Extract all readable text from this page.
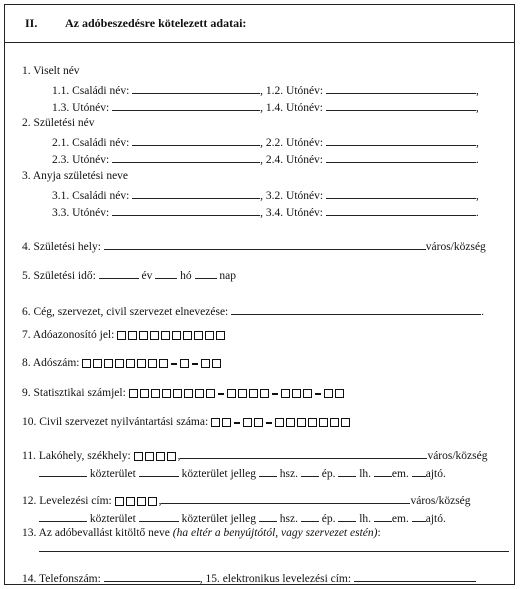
II. Az adóbeszedésre kötelezett adatai:
1. Viselt név
1.1. Családi név:	, 1.2. Utónév:	,
1.3. Utónév:	, 1.4. Utónév:	,
2. Születési név
2.1. Családi név:	, 2.2. Utónév:	,
2.3. Utónév:	, 2.4. Utónév:	.
3. Anyja születési neve
3.1. Családi név:	, 3.2. Utónév:	,
3.3. Utónév:	, 3.4. Utónév:	.
4. Születési hely:	város/község
5. Születési idő:	év hó nap
6. Cég, szervezet, civil szervezet elnevezése:	.
7. Adóazonosító jel:
8. Adószám:
9. Statisztikai számjel:
10. Civil szervezet nyilvántartási száma:
11. Lakóhely, székhely:	,	város/község
közterület	közterület jelleg hsz. ép. lh. em. ajtó.
12. Levelezési cím:	,	város/község
közterület	közterület jelleg hsz. ép. lh. em. ajtó.
13. Az adóbevallást kitöltő neve (ha eltér a benyújtótól, vagy szervezet estén):
14. Telefonszám:	, 15. elektronikus levelezési cím:
